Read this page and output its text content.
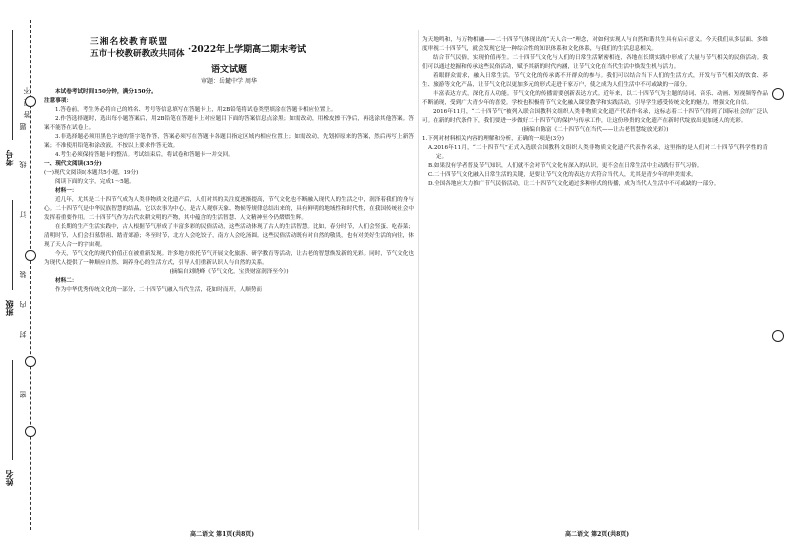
考号
班级
姓名
线
订
装
内
封
密
题
答
不
三湘名校教育联盟
五市十校教研教改共同体 ·2022年上学期高二期末考试
语文试题
审题：岳麓中学 周华

本试卷考试时间150分钟，满分150分。

注意事项：

1.答卷前，考生务必将自己的姓名、考号等信息填写在答题卡上，用2B铅笔将试卷类型填涂在答题卡相应位置上。

2.作答选择题时，选出每小题答案后，用2B铅笔在答题卡上对应题目下面的答案信息点涂黑；如需改动，用橡皮擦干净后，再选涂其他答案。答案不能答在试卷上。

3.非选择题必须用黑色字迹的签字笔作答，答案必须写在答题卡各题目指定区域内相应位置上；如需改动，先划掉原来的答案，然后再写上新答案；不准使用铅笔和涂改液。不按以上要求作答无效。

4.考生必须保持答题卡的整洁。考试结束后，将试卷和答题卡一并交回。

一、现代文阅读(35分)

(一)现代文阅读Ⅰ(本题共5小题，19分)

阅读下面的文字，完成1～5题。

材料一：

近几年，尤其是二十四节气成为人类非物质文化遗产后，人们对其的关注度逐渐提高，节气文化也不断融入现代人的生活之中，润泽着我们的身与心。二十四节气是中华民族智慧的结晶，它以农事为中心，是古人观察天象、物候等规律总结出来的，具有鲜明的地域性和时代性，在我国传统社会中发挥着重要作用。二十四节气作为古代农耕文明的产物，其中蕴含的生活智慧、人文精神至今仍熠熠生辉。

在长期的生产生活实践中，古人根据节气形成了丰富多彩的民俗活动，这些活动体现了古人的生活智慧。比如，春分时节，人们会竖蛋、吃春菜；清明时节，人们会扫墓祭祖、踏青郊游；冬至时节，北方人会吃饺子，南方人会吃汤圆。这些民俗活动既有对自然的敬畏，也有对美好生活的向往，体现了天人合一的宇宙观。

今天，节气文化的现代价值正在被重新发现。许多地方依托节气开展文化旅游、研学教育等活动，让古老的智慧焕发新的光彩。同时，节气文化也为现代人提供了一种顺应自然、调养身心的生活方式，引导人们重新认识人与自然的关系。

(摘编自刘晓峰《节气文化，宝贵财富润泽至今》)

材料二：

作为中华优秀传统文化的一部分，二十四节气融入当代生活，花如时而开，人顺势而

为天地鸣和，与万物相融——二十四节气体现出的“天人合一”理念，对如何实现人与自然和谐共生具有启示意义。今天我们从多层面、多维度审视二十四节气，就会发现它是一种综合性的知识体系和文化体系，与我们的生活息息相关。

结合节气民俗，实现价值再生。二十四节气文化与人们的日常生活紧密相连，各地在长期实践中形成了大量与节气相关的民俗活动。我们可以通过挖掘和传承这些民俗活动，赋予其新的时代内涵，让节气文化在当代生活中焕发生机与活力。

着眼群众需求，融入日常生活。节气文化的传承离不开群众的参与。我们可以结合当下人们的生活方式，开发与节气相关的饮食、养生、旅游等文化产品，让节气文化以更加多元的形式走进千家万户，使之成为人们生活中不可或缺的一部分。

丰富表达方式，深化育人功能。节气文化的传播需要创新表达方式。近年来，以二十四节气为主题的诗词、音乐、动画、短视频等作品不断涌现，受到广大青少年的喜爱。学校也积极将节气文化融入课堂教学和实践活动，引导学生感受传统文化的魅力，增强文化自信。

2016年11月，“二十四节气”被列入联合国教科文组织人类非物质文化遗产代表作名录，这标志着二十四节气得到了国际社会的广泛认可。在新的时代条件下，我们要进一步做好二十四节气的保护与传承工作，让这份珍贵的文化遗产在新时代绽放出更加迷人的光彩。

(摘编自陈富《二十四节气在当代——让古老智慧绽放光彩》)

1.下列对材料相关内容的理解和分析，正确的一项是(3分)

A.2016年11月，“二十四节气”正式入选联合国教科文组织人类非物质文化遗产代表作名录，这里指的是人们对二十四节气科学性的肯定。

B.如果没有学者普及节气知识，人们就不会对节气文化有深入的认识，更不会在日常生活中主动践行节气习俗。

C.二十四节气文化融入日常生活的关键，是要让节气文化的表达方式符合当代人，尤其是青少年的审美需求。

D.全国各地应大力推广节气民俗活动，让二十四节气文化通过多种形式的传播，成为当代人生活中不可或缺的一部分。

高二语文 第1页(共8页)	高二语文 第2页(共8页)
